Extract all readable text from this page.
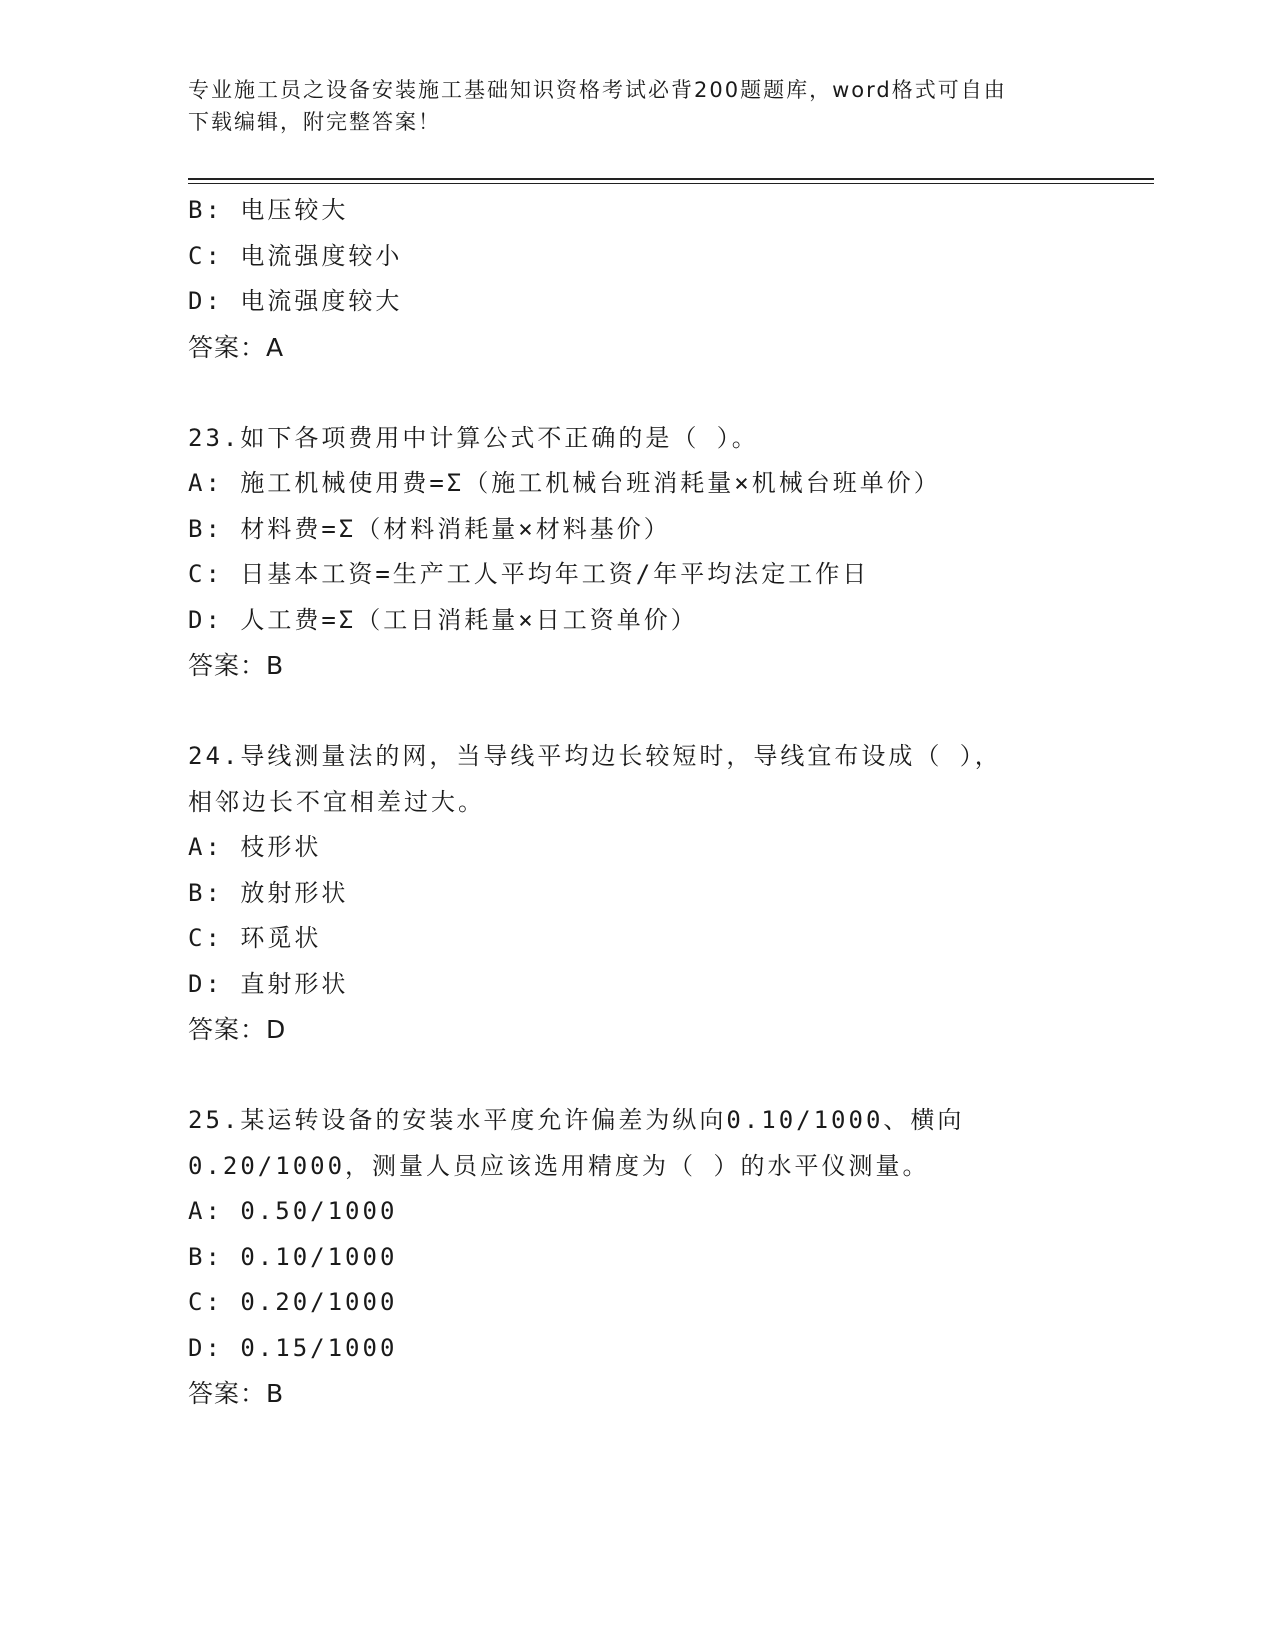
专业施工员之设备安装施工基础知识资格考试必背200题题库，word格式可自由
下载编辑，附完整答案！
B: 电压较大
C: 电流强度较小
D: 电流强度较大
答案：A
23.如下各项费用中计算公式不正确的是（ ）。
A: 施工机械使用费=Σ（施工机械台班消耗量×机械台班单价）
B: 材料费=Σ（材料消耗量×材料基价）
C: 日基本工资=生产工人平均年工资/年平均法定工作日
D: 人工费=Σ（工日消耗量×日工资单价）
答案：B
24.导线测量法的网，当导线平均边长较短时，导线宜布设成（ ），
相邻边长不宜相差过大。
A: 枝形状
B: 放射形状
C: 环觅状
D: 直射形状
答案：D
25.某运转设备的安装水平度允许偏差为纵向0.10/1000、横向
0.20/1000，测量人员应该选用精度为（ ）的水平仪测量。
A: 0.50/1000
B: 0.10/1000
C: 0.20/1000
D: 0.15/1000
答案：B
